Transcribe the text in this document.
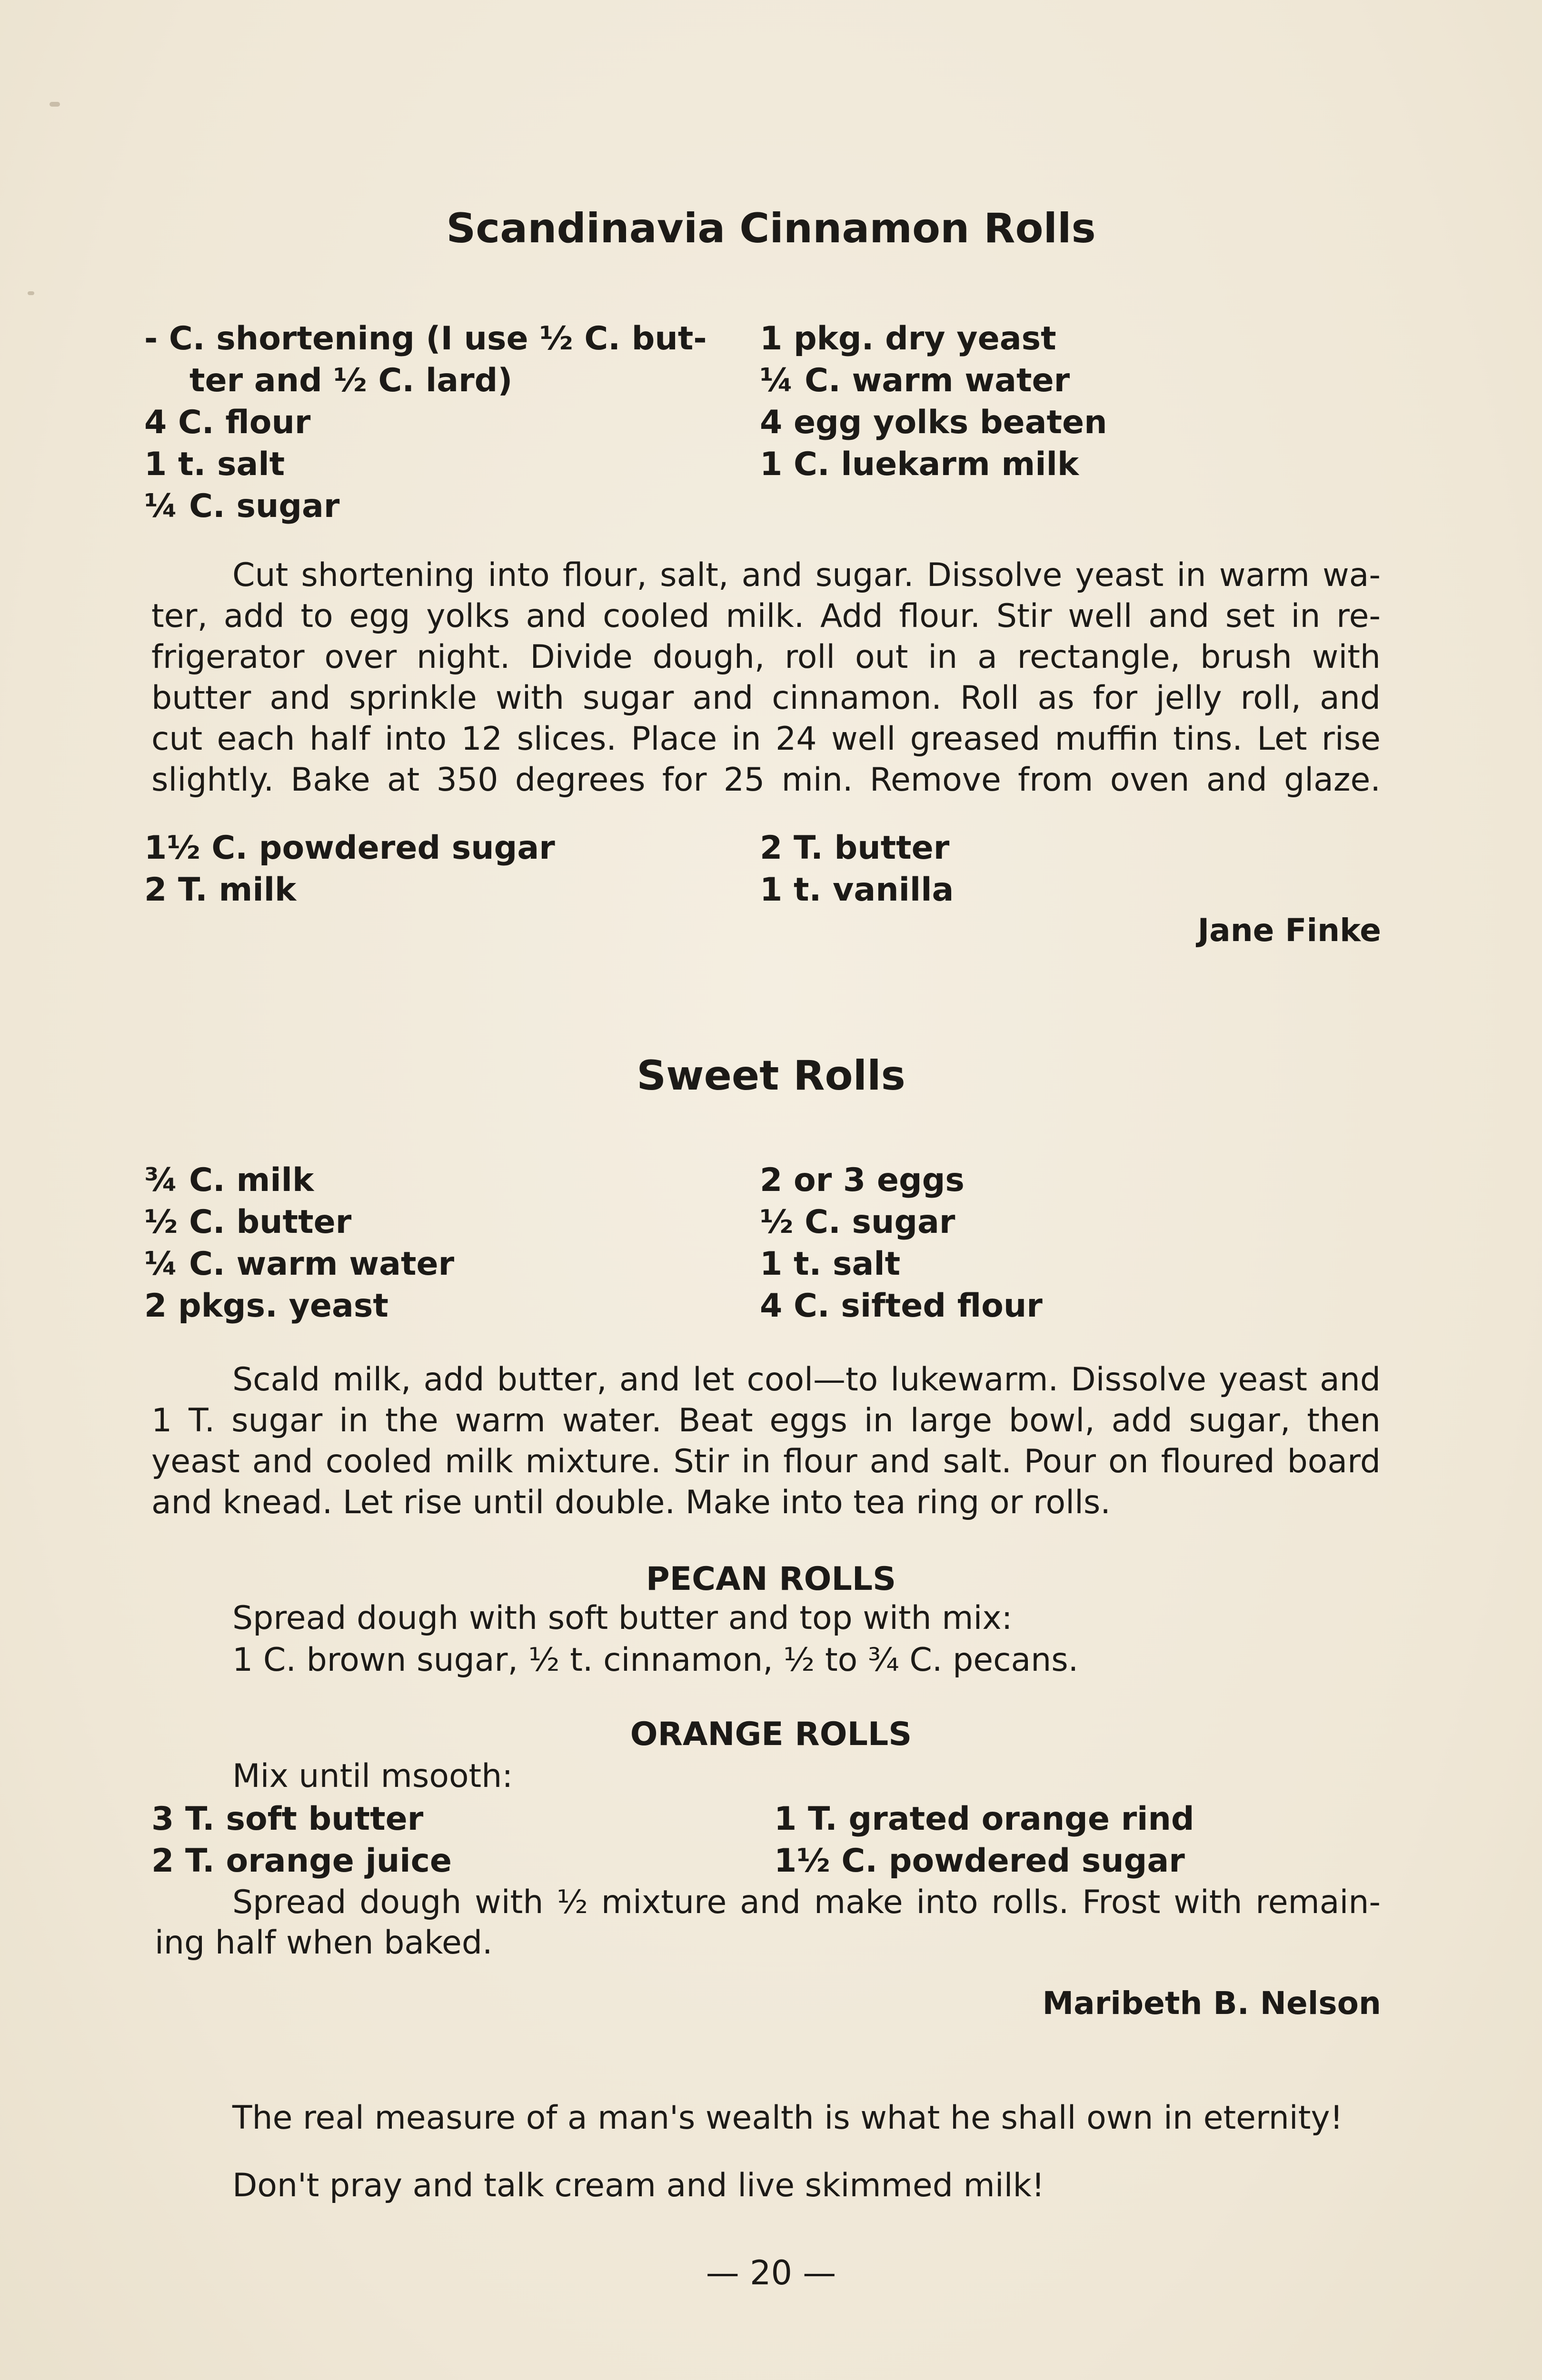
Scandinavia Cinnamon Rolls
- C. shortening (I use ½ C. but-
ter and ½ C. lard)
4 C. flour
1 t. salt
¼ C. sugar
1 pkg. dry yeast
¼ C. warm water
4 egg yolks beaten
1 C. luekarm milk
Cut shortening into flour, salt, and sugar. Dissolve yeast in warm wa-
ter, add to egg yolks and cooled milk. Add flour. Stir well and set in re-
frigerator over night. Divide dough, roll out in a rectangle, brush with
butter and sprinkle with sugar and cinnamon. Roll as for jelly roll, and
cut each half into 12 slices. Place in 24 well greased muffin tins. Let rise
slightly. Bake at 350 degrees for 25 min. Remove from oven and glaze.
1½ C. powdered sugar
2 T. milk
2 T. butter
1 t. vanilla
Jane Finke
Sweet Rolls
¾ C. milk
½ C. butter
¼ C. warm water
2 pkgs. yeast
2 or 3 eggs
½ C. sugar
1 t. salt
4 C. sifted flour
Scald milk, add butter, and let cool—to lukewarm. Dissolve yeast and
1 T. sugar in the warm water. Beat eggs in large bowl, add sugar, then
yeast and cooled milk mixture. Stir in flour and salt. Pour on floured board
and knead. Let rise until double. Make into tea ring or rolls.
PECAN ROLLS
Spread dough with soft butter and top with mix:
1 C. brown sugar, ½ t. cinnamon, ½ to ¾ C. pecans.
ORANGE ROLLS
Mix until msooth:
3 T. soft butter
2 T. orange juice
1 T. grated orange rind
1½ C. powdered sugar
Spread dough with ½ mixture and make into rolls. Frost with remain-
ing half when baked.
Maribeth B. Nelson
The real measure of a man's wealth is what he shall own in eternity!
Don't pray and talk cream and live skimmed milk!
— 20 —
